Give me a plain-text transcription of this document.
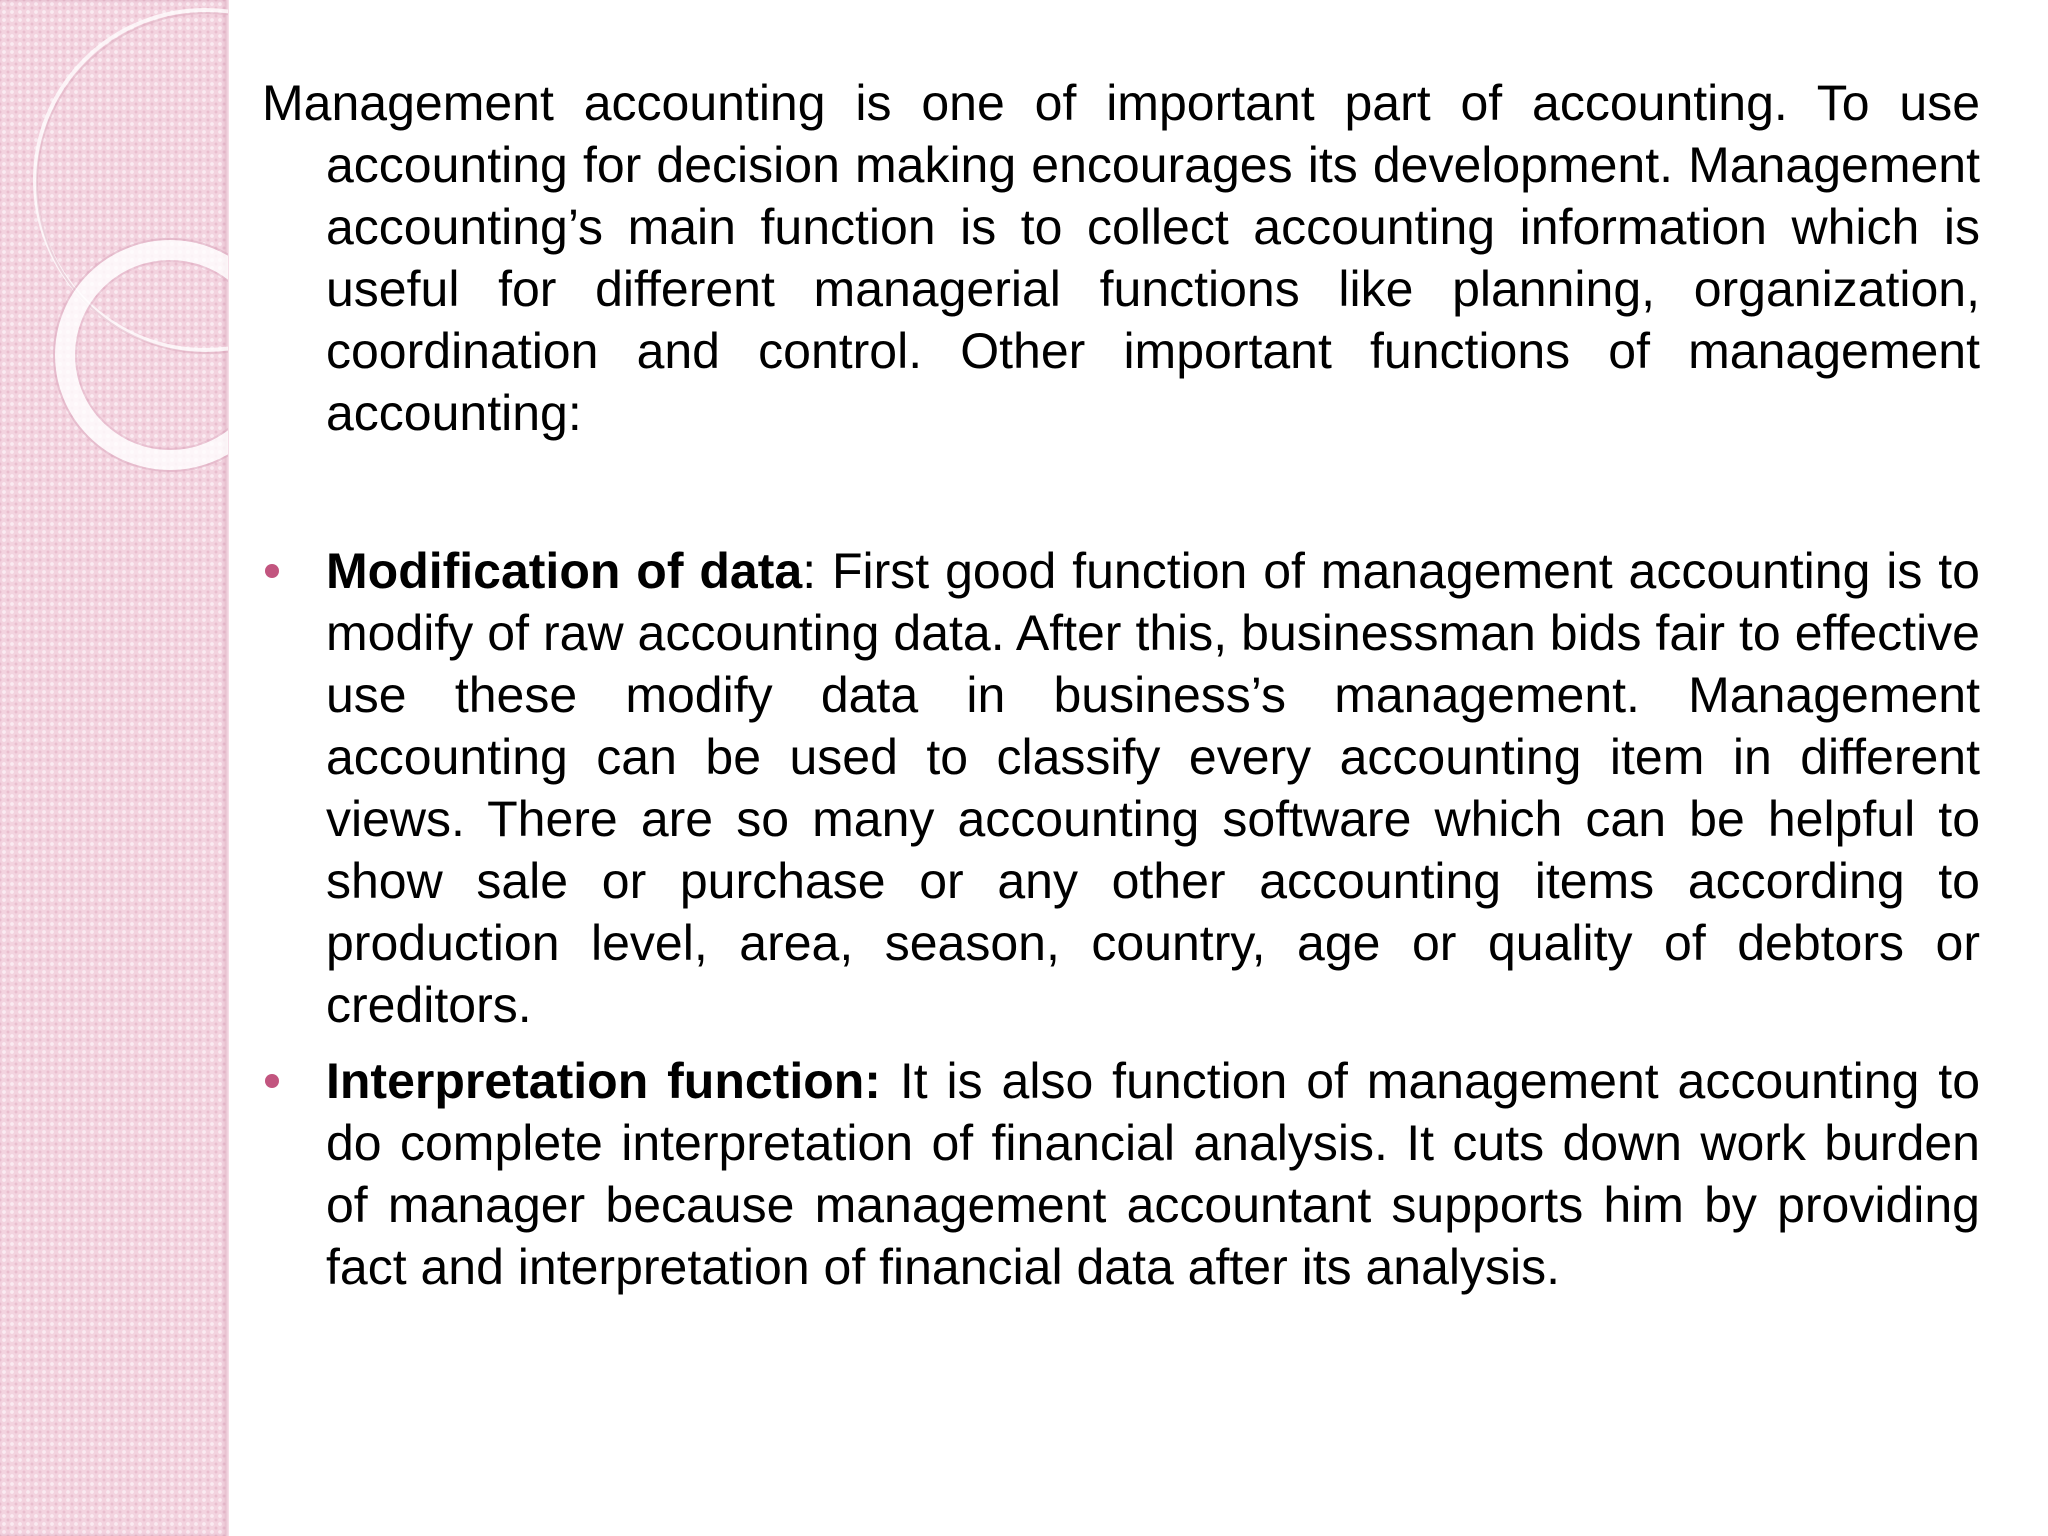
Management accounting is one of important part of accounting. To use accounting for decision making encourages its development. Management accounting’s main function is to collect accounting information which is useful for different managerial functions like planning, organization, coordination and control. Other important functions of management accounting:

Modification of data: First good function of management accounting is to modify of raw accounting data. After this, businessman bids fair to effective use these modify data in business’s management. Management accounting can be used to classify every accounting item in different views. There are so many accounting software which can be helpful to show sale or purchase or any other accounting items according to production level, area, season, country, age or quality of debtors or creditors.
Interpretation function: It is also function of management accounting to do complete interpretation of financial analysis. It cuts down work burden of manager because management accountant supports him by providing fact and interpretation of financial data after its analysis.
